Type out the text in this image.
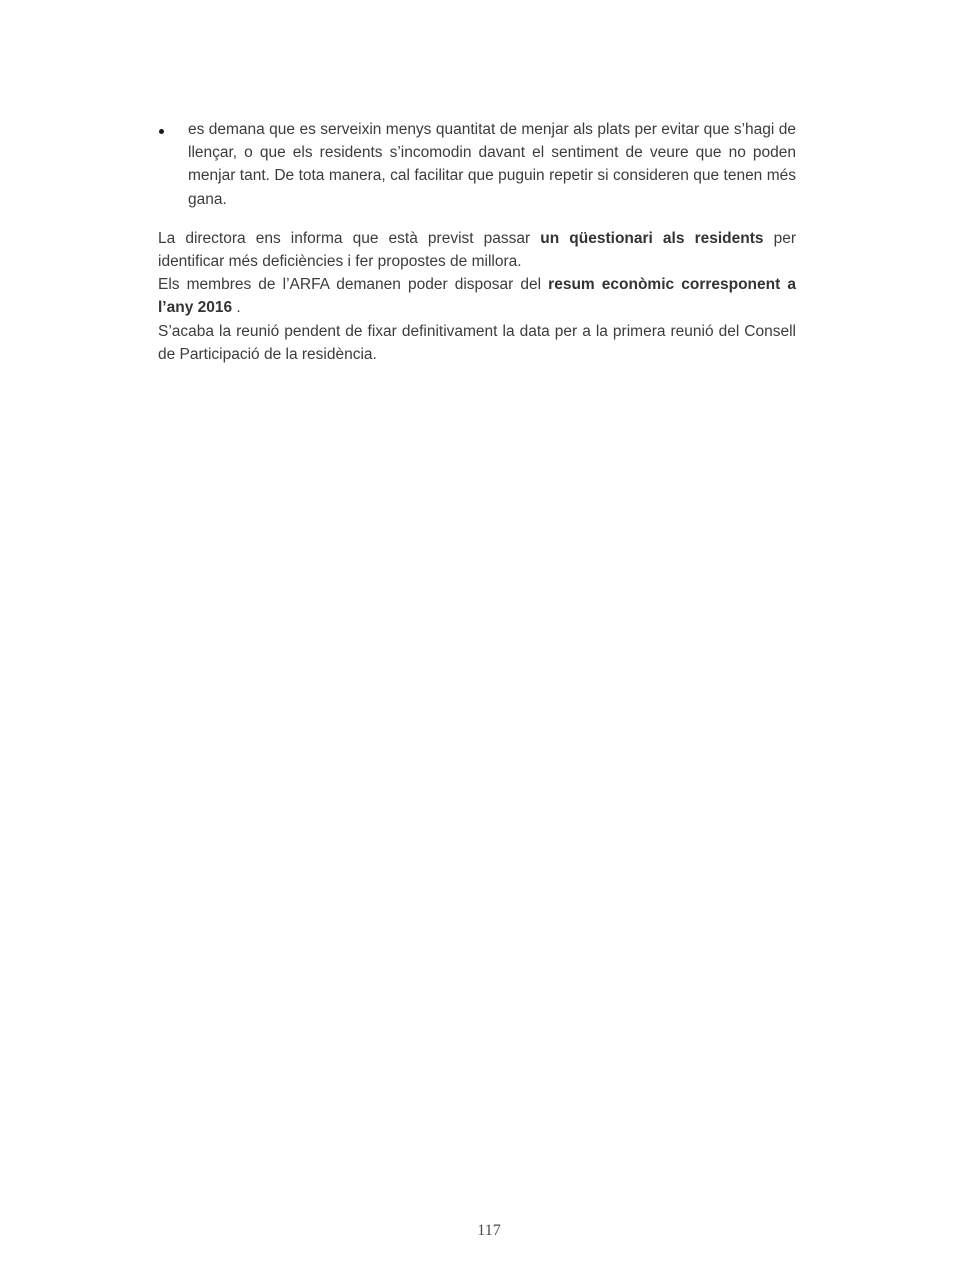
es demana que es serveixin menys quantitat de menjar als plats per evitar que s’hagi de llençar, o que els residents s’incomodin davant el sentiment de veure que no poden menjar tant. De tota manera, cal facilitar que puguin repetir si consideren que tenen més gana.

La directora ens informa que està previst passar un qüestionari als residents per identificar més deficiències i fer propostes de millora.

Els membres de l’ARFA demanen poder disposar del resum econòmic corresponent a l’any 2016 .

S’acaba la reunió pendent de fixar definitivament la data per a la primera reunió del Consell de Participació de la residència.

117
